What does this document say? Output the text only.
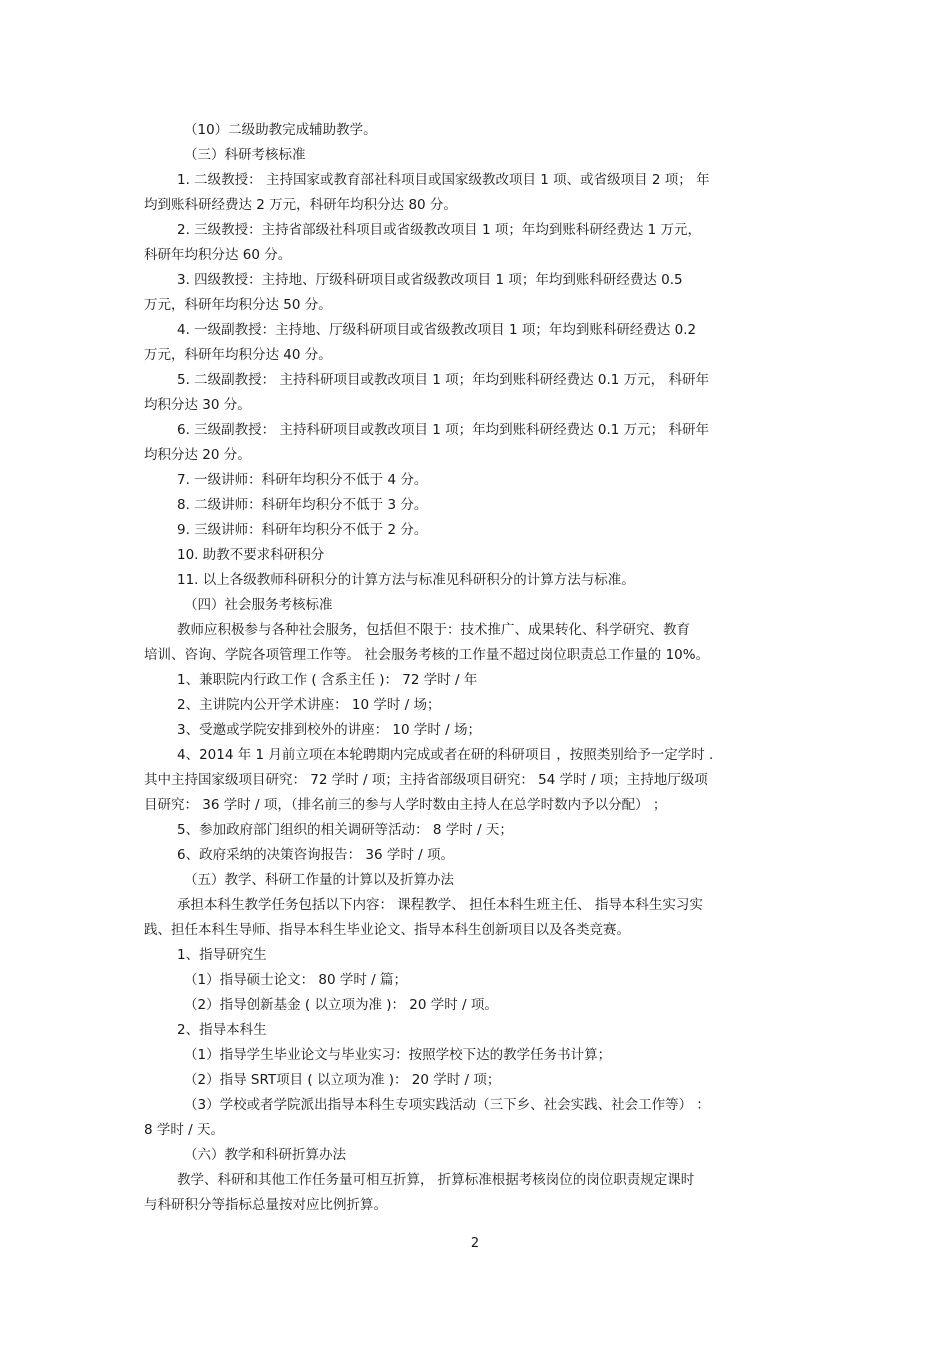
（10）二级助教完成辅助教学。
（三）科研考核标准
1. 二级教授： 主持国家或教育部社科项目或国家级教改项目 1 项、或省级项目 2 项； 年
均到账科研经费达 2 万元，科研年均积分达 80 分。
2. 三级教授：主持省部级社科项目或省级教改项目 1 项；年均到账科研经费达 1 万元，
科研年均积分达 60 分。
3. 四级教授：主持地、厅级科研项目或省级教改项目 1 项；年均到账科研经费达 0.5
万元，科研年均积分达 50 分。
4. 一级副教授：主持地、厅级科研项目或省级教改项目 1 项；年均到账科研经费达 0.2
万元，科研年均积分达 40 分。
5. 二级副教授： 主持科研项目或教改项目 1 项；年均到账科研经费达 0.1 万元， 科研年
均积分达 30 分。
6. 三级副教授： 主持科研项目或教改项目 1 项；年均到账科研经费达 0.1 万元； 科研年
均积分达 20 分。
7. 一级讲师：科研年均积分不低于 4 分。
8. 二级讲师：科研年均积分不低于 3 分。
9. 三级讲师：科研年均积分不低于 2 分。
10. 助教不要求科研积分
11. 以上各级教师科研积分的计算方法与标准见科研积分的计算方法与标准。
（四）社会服务考核标准
教师应积极参与各种社会服务，包括但不限于：技术推广、成果转化、科学研究、教育
培训、咨询、学院各项管理工作等。 社会服务考核的工作量不超过岗位职责总工作量的 10%。
1、兼职院内行政工作 ( 含系主任 )： 72 学时 / 年
2、主讲院内公开学术讲座： 10 学时 / 场；
3、受邀或学院安排到校外的讲座： 10 学时 / 场；
4、2014 年 1 月前立项在本轮聘期内完成或者在研的科研项目 ，按照类别给予一定学时 .
其中主持国家级项目研究： 72 学时 / 项；主持省部级项目研究： 54 学时 / 项；主持地厅级项
目研究： 36 学时 / 项，（排名前三的参与人学时数由主持人在总学时数内予以分配） ；
5、参加政府部门组织的相关调研等活动： 8 学时 / 天；
6、政府采纳的决策咨询报告： 36 学时 / 项。
（五）教学、科研工作量的计算以及折算办法
承担本科生教学任务包括以下内容： 课程教学、 担任本科生班主任、 指导本科生实习实
践、担任本科生导师、指导本科生毕业论文、指导本科生创新项目以及各类竞赛。
1、指导研究生
（1）指导硕士论文： 80 学时 / 篇；
（2）指导创新基金 ( 以立项为准 )： 20 学时 / 项。
2、指导本科生
（1）指导学生毕业论文与毕业实习：按照学校下达的教学任务书计算；
（2）指导 SRT项目 ( 以立项为准 )： 20 学时 / 项；
（3）学校或者学院派出指导本科生专项实践活动（三下乡、社会实践、社会工作等） ：
8 学时 / 天。
（六）教学和科研折算办法
教学、科研和其他工作任务量可相互折算， 折算标准根据考核岗位的岗位职责规定课时
与科研积分等指标总量按对应比例折算。
2
